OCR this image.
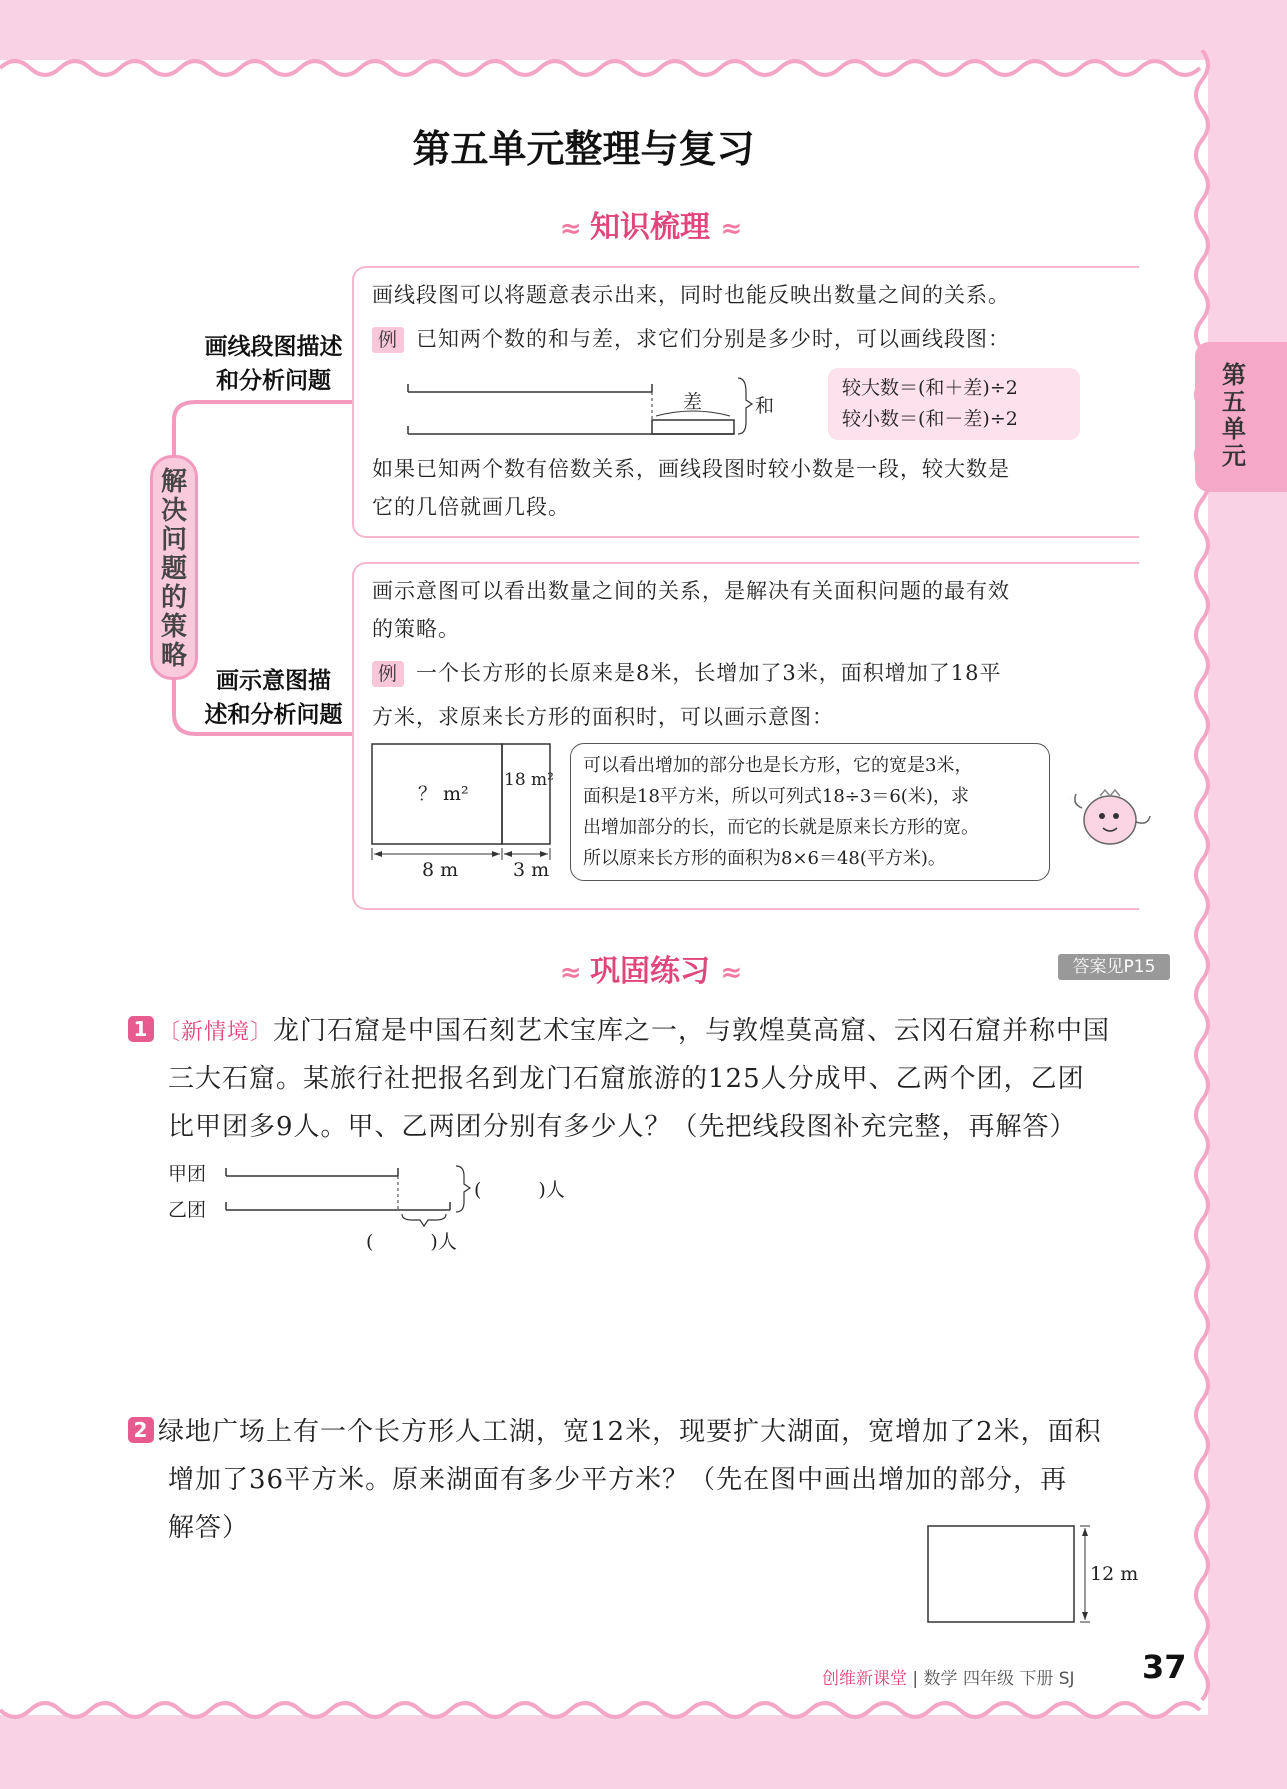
第五单元整理与复习
第五单元
≈ 知识梳理 ≈
解决问题的策略
画线段图描述
和分析问题
画示意图描
述和分析问题
画线段图可以将题意表示出来，同时也能反映出数量之间的关系。
例 已知两个数的和与差，求它们分别是多少时，可以画线段图：
差	和
较大数＝(和＋差)÷2
较小数＝(和－差)÷2
如果已知两个数有倍数关系，画线段图时较小数是一段，较大数是
它的几倍就画几段。
画示意图可以看出数量之间的关系，是解决有关面积问题的最有效
的策略。
例 一个长方形的长原来是8米，长增加了3米，面积增加了18平
方米，求原来长方形的面积时，可以画示意图：
？ m²
18 m²
8 m	3 m
可以看出增加的部分也是长方形，它的宽是3米，
面积是18平方米，所以可列式18÷3＝6(米)，求
出增加部分的长，而它的长就是原来长方形的宽。
所以原来长方形的面积为8×6＝48(平方米)。
≈ 巩固练习 ≈	答案见P15
1 〔新情境〕龙门石窟是中国石刻艺术宝库之一，与敦煌莫高窟、云冈石窟并称中国
三大石窟。某旅行社把报名到龙门石窟旅游的125人分成甲、乙两个团，乙团
比甲团多9人。甲、乙两团分别有多少人？（先把线段图补充完整，再解答）
甲团
乙团
(　　　)人
(　　　)人
2 绿地广场上有一个长方形人工湖，宽12米，现要扩大湖面，宽增加了2米，面积
增加了36平方米。原来湖面有多少平方米？（先在图中画出增加的部分，再
解答）
12 m
创维新课堂 | 数学 四年级 下册 SJ 37
